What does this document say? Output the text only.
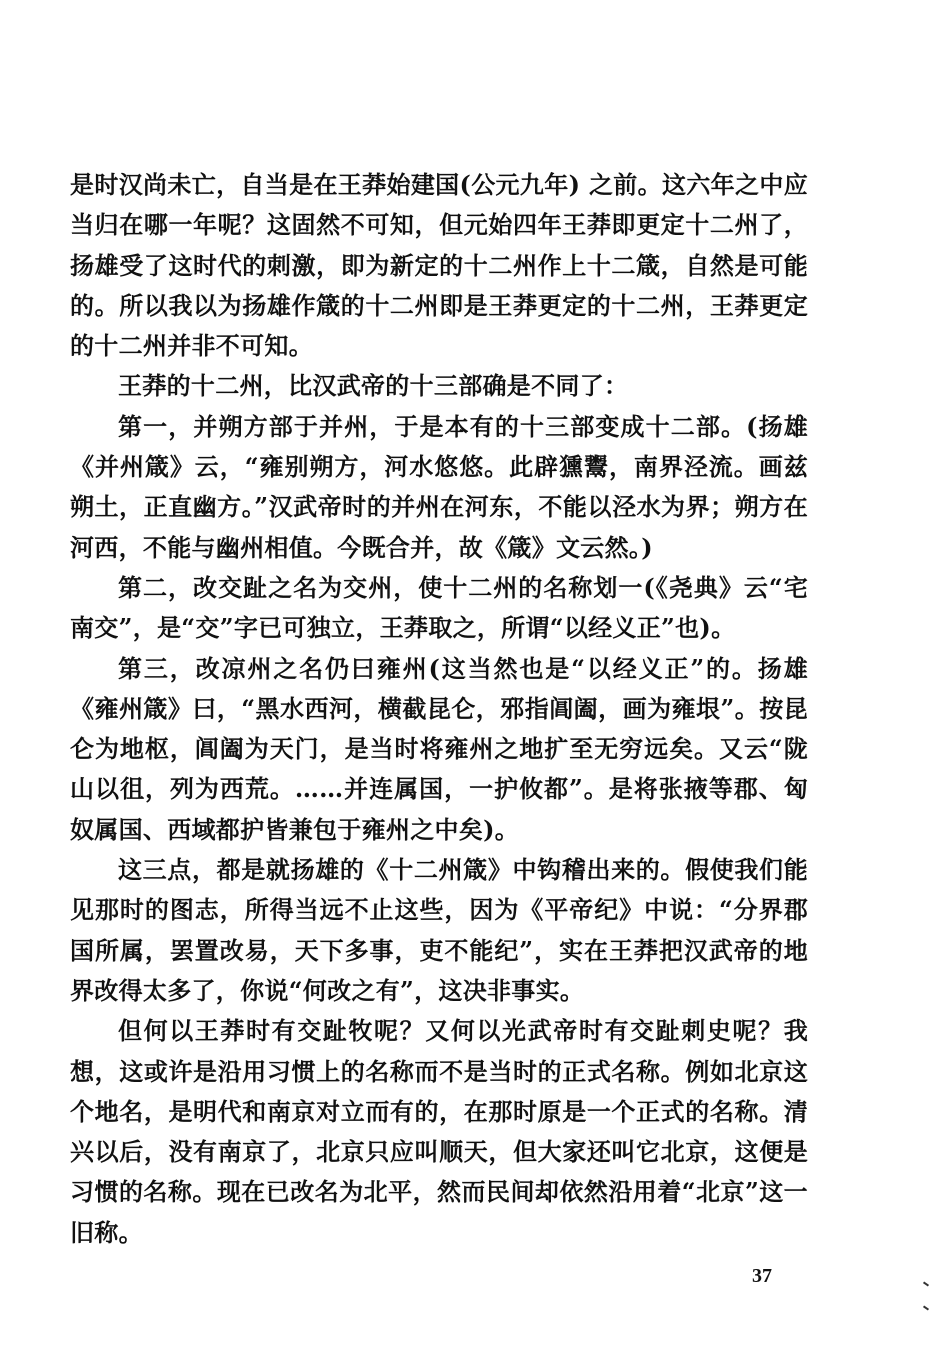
是时汉尚未亡，自当是在王莽始建国(公元九年) 之前。这六年之中应当归在哪一年呢？这固然不可知，但元始四年王莽即更定十二州了，扬雄受了这时代的刺激，即为新定的十二州作上十二箴，自然是可能的。所以我以为扬雄作箴的十二州即是王莽更定的十二州，王莽更定的十二州并非不可知。

王莽的十二州，比汉武帝的十三部确是不同了：

第一，并朔方部于并州，于是本有的十三部变成十二部。(扬雄《并州箴》云，“雍别朔方，河水悠悠。此辟獯鬻，南界泾流。画兹朔土，正直幽方。”汉武帝时的并州在河东，不能以泾水为界；朔方在河西，不能与幽州相值。今既合并，故《箴》文云然。)

第二，改交趾之名为交州，使十二州的名称划一(《尧典》云“宅南交”，是“交”字已可独立，王莽取之，所谓“以经义正”也)。

第三，改凉州之名仍曰雍州(这当然也是“以经义正”的。扬雄《雍州箴》曰，“黑水西河，横截昆仑，邪指阊阖，画为雍垠”。按昆仑为地枢，阊阖为天门，是当时将雍州之地扩至无穷远矣。又云“陇山以徂，列为西荒。……并连属国，一护攸都”。是将张掖等郡、匈奴属国、西域都护皆兼包于雍州之中矣)。

这三点，都是就扬雄的《十二州箴》中钩稽出来的。假使我们能见那时的图志，所得当远不止这些，因为《平帝纪》中说：“分界郡国所属，罢置改易，天下多事，吏不能纪”，实在王莽把汉武帝的地界改得太多了，你说“何改之有”，这决非事实。

但何以王莽时有交趾牧呢？又何以光武帝时有交趾刺史呢？我想，这或许是沿用习惯上的名称而不是当时的正式名称。例如北京这个地名，是明代和南京对立而有的，在那时原是一个正式的名称。清兴以后，没有南京了，北京只应叫顺天，但大家还叫它北京，这便是习惯的名称。现在已改名为北平，然而民间却依然沿用着“北京”这一旧称。

37
